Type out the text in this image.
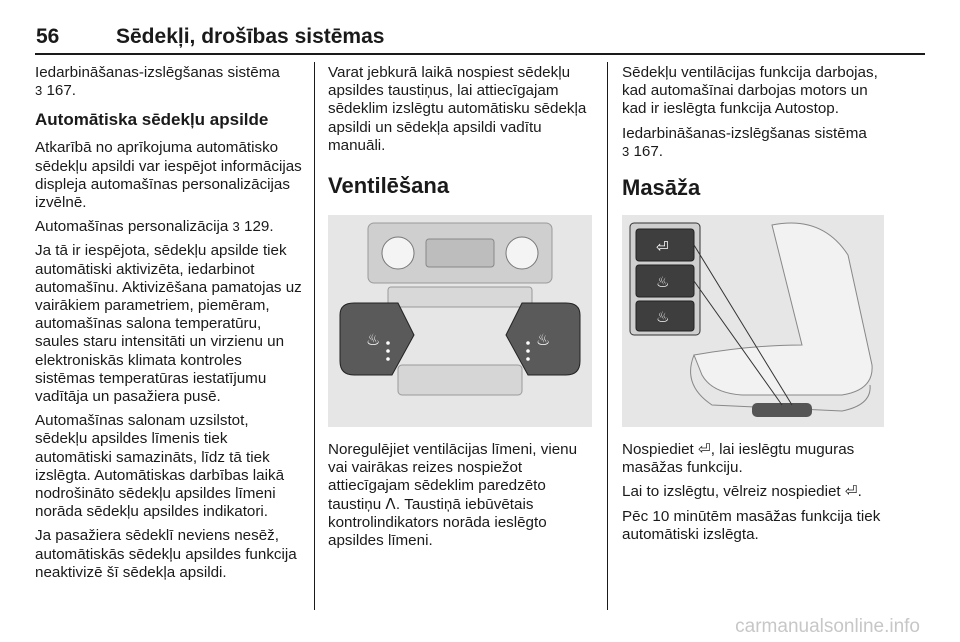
56	Sēdekļi, drošības sistēmas

Iedarbināšanas-izslēgšanas sistēma
3 167.

Automātiska sēdekļu apsilde

Atkarībā no aprīkojuma automātisko sēdekļu apsildi var iespējot informācijas displeja automašīnas personalizācijas izvēlnē.

Automašīnas personalizācija 3 129.

Ja tā ir iespējota, sēdekļu apsilde tiek automātiski aktivizēta, iedarbinot automašīnu. Aktivizēšana pamatojas uz vairākiem parametriem, piemēram, automašīnas salona temperatūru, saules staru intensitāti un virzienu un elektroniskās klimata kontroles sistēmas temperatūras iestatījumu vadītāja un pasažiera pusē.

Automašīnas salonam uzsilstot, sēdekļu apsildes līmenis tiek automātiski samazināts, līdz tā tiek izslēgta. Automātiskas darbības laikā nodrošināto sēdekļu apsildes līmeni norāda sēdekļu apsildes indikatori.

Ja pasažiera sēdeklī neviens nesēž, automātiskās sēdekļu apsildes funkcija neaktivizē šī sēdekļa apsildi.

Varat jebkurā laikā nospiest sēdekļu apsildes taustiņus, lai attiecīgajam sēdeklim izslēgtu automātisku sēdekļa apsildi un sēdekļa apsildi vadītu manuāli.

Ventilēšana
♨	♨

Noregulējiet ventilācijas līmeni, vienu vai vairākas reizes nospiežot attiecīgajam sēdeklim paredzēto taustiņu ⴷ. Taustiņā iebūvētais kontrolindikators norāda ieslēgto apsildes līmeni.

Sēdekļu ventilācijas funkcija darbojas, kad automašīnai darbojas motors un kad ir ieslēgta funkcija Autostop.

Iedarbināšanas-izslēgšanas sistēma
3 167.

Masāža
⏎
♨
♨

Nospiediet ⏎, lai ieslēgtu muguras masāžas funkciju.

Lai to izslēgtu, vēlreiz nospiediet ⏎.

Pēc 10 minūtēm masāžas funkcija tiek automātiski izslēgta.

carmanualsonline.info
